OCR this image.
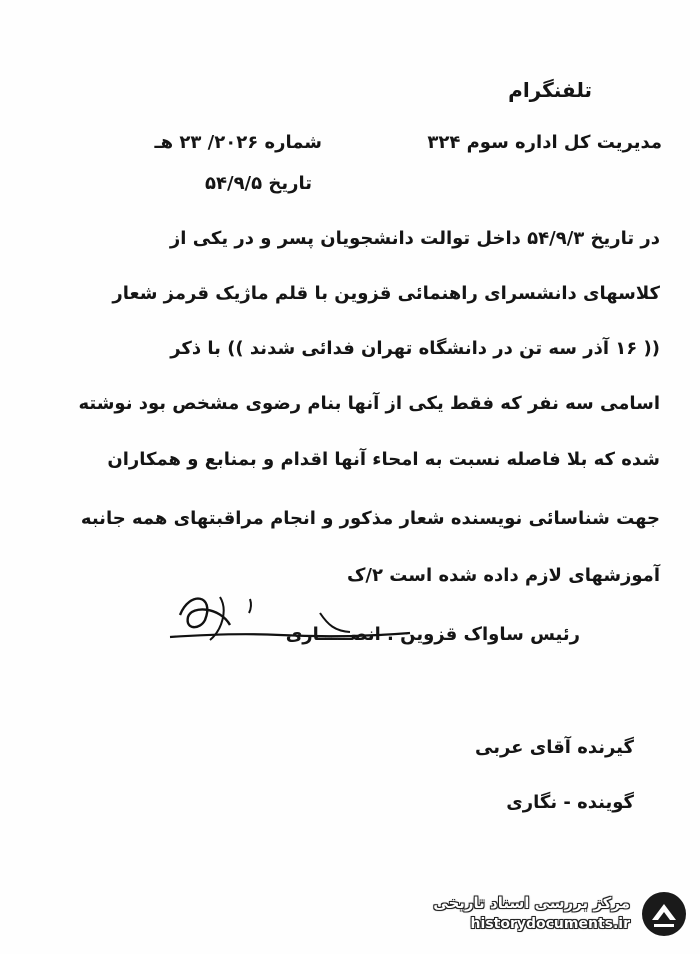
تلفنگرام
مدیریت کل اداره سوم ۳۲۴
شماره ۲۰۲۶/ ۲۳ هـ
تاریخ ۵۴/۹/۵
در تاریخ ۵۴/۹/۳ داخل توالت دانشجویان پسر و در یکی از
کلاسهای دانشسرای راهنمائی قزوین با قلم ماژیک قرمز شعار
(( ۱۶ آذر سه تن در دانشگاه تهران فدائی شدند )) با ذکر
اسامی سه نفر که فقط یکی از آنها بنام رضوی مشخص بود نوشته
شده که بلا فاصله نسبت به امحاء آنها اقدام و بمنابع و همکاران
جهت شناسائی نویسنده شعار مذکور و انجام مراقبتهای همه جانبه
آموزشهای لازم داده شده است ۲/ک
رئیس ساواک قزوین . انصـــــاری
گیرنده آقای عربی
گوینده - نگاری
مرکز بررسی اسناد تاریخی
historydocuments.ir
